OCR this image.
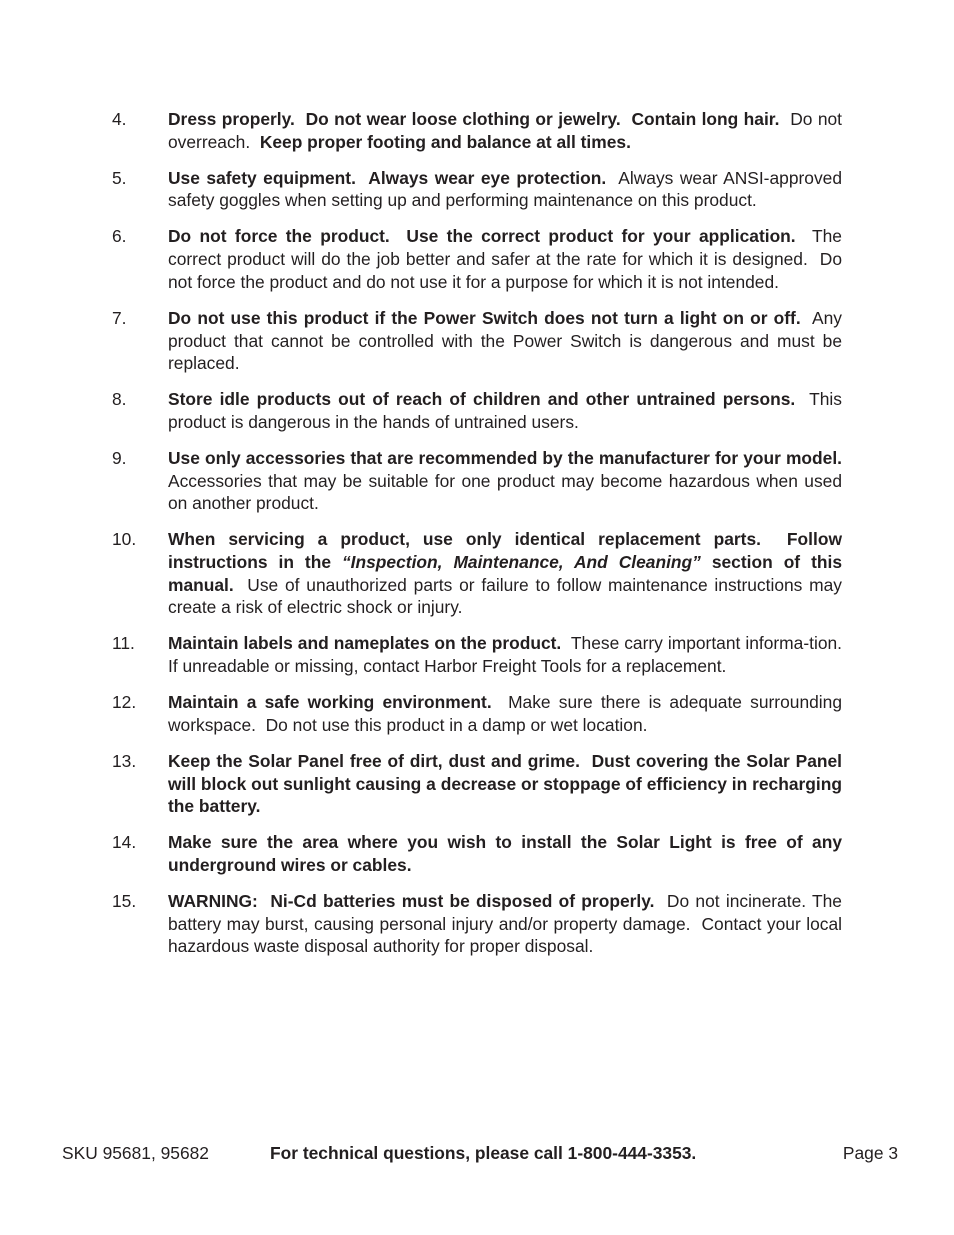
4. Dress properly.  Do not wear loose clothing or jewelry.  Contain long hair.  Do not overreach.  Keep proper footing and balance at all times.
5. Use safety equipment.  Always wear eye protection.  Always wear ANSI-approved safety goggles when setting up and performing maintenance on this product.
6. Do not force the product.  Use the correct product for your application.  The correct product will do the job better and safer at the rate for which it is designed.  Do not force the product and do not use it for a purpose for which it is not intended.
7. Do not use this product if the Power Switch does not turn a light on or off.  Any product that cannot be controlled with the Power Switch is dangerous and must be replaced.
8. Store idle products out of reach of children and other untrained persons.  This product is dangerous in the hands of untrained users.
9. Use only accessories that are recommended by the manufacturer for your model.  Accessories that may be suitable for one product may become hazardous when used on another product.
10. When servicing a product, use only identical replacement parts.  Follow instructions in the “Inspection, Maintenance, And Cleaning” section of this manual.  Use of unauthorized parts or failure to follow maintenance instructions may create a risk of electric shock or injury.
11. Maintain labels and nameplates on the product.  These carry important informa-tion.  If unreadable or missing, contact Harbor Freight Tools for a replacement.
12. Maintain a safe working environment.  Make sure there is adequate surrounding workspace.  Do not use this product in a damp or wet location.
13. Keep the Solar Panel free of dirt, dust and grime.  Dust covering the Solar Panel will block out sunlight causing a decrease or stoppage of efficiency in recharging the battery.
14. Make sure the area where you wish to install the Solar Light is free of any underground wires or cables.
15. WARNING:  Ni-Cd batteries must be disposed of properly.  Do not incinerate. The battery may burst, causing personal injury and/or property damage.  Contact your local hazardous waste disposal authority for proper disposal.
SKU 95681, 95682	For technical questions, please call 1-800-444-3353.	Page 3
